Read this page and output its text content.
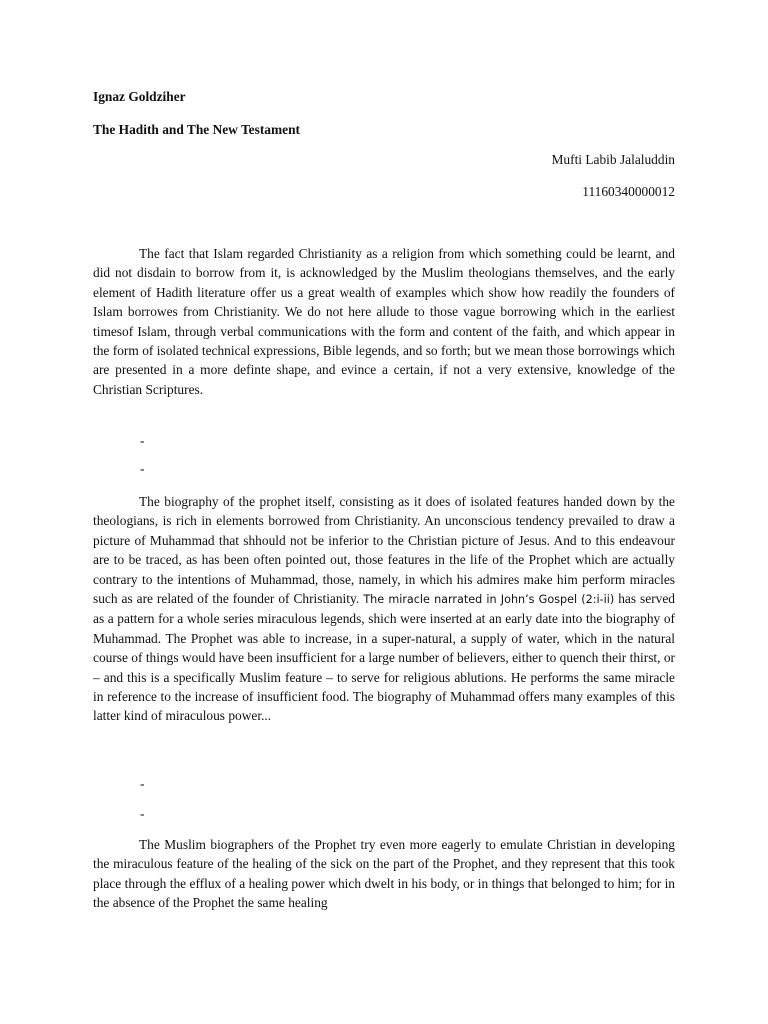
Ignaz Goldziher
The Hadith and The New Testament
Mufti Labib Jalaluddin
11160340000012

The fact that Islam regarded Christianity as a religion from which something could be learnt, and did not disdain to borrow from it, is acknowledged by the Muslim theologians themselves, and the early element of Hadith literature offer us a great wealth of examples which show how readily the founders of Islam borrowes from Christianity. We do not here allude to those vague borrowing which in the earliest timesof Islam, through verbal communications with the form and content of the faith, and which appear in the form of isolated technical expressions, Bible legends, and so forth; but we mean those borrowings which are presented in a more definte shape, and evince a certain, if not a very extensive, knowledge of the Christian Scriptures.

-
-

The biography of the prophet itself, consisting as it does of isolated features handed down by the theologians, is rich in elements borrowed from Christianity. An unconscious tendency prevailed to draw a picture of Muhammad that shhould not be inferior to the Christian picture of Jesus. And to this endeavour are to be traced, as has been often pointed out, those features in the life of the Prophet which are actually contrary to the intentions of Muhammad, those, namely, in which his admires make him perform miracles such as are related of the founder of Christianity. The miracle narrated in John’s Gospel (2:i-ii) has served as a pattern for a whole series miraculous legends, shich were inserted at an early date into the biography of Muhammad. The Prophet was able to increase, in a super-natural, a supply of water, which in the natural course of things would have been insufficient for a large number of believers, either to quench their thirst, or – and this is a specifically Muslim feature – to serve for religious ablutions. He performs the same miracle in reference to the increase of insufficient food. The biography of Muhammad offers many examples of this latter kind of miraculous power...

-
-

The Muslim biographers of the Prophet try even more eagerly to emulate Christian in developing the miraculous feature of the healing of the sick on the part of the Prophet, and they represent that this took place through the efflux of a healing power which dwelt in his body, or in things that belonged to him; for in the absence of the Prophet the same healing
